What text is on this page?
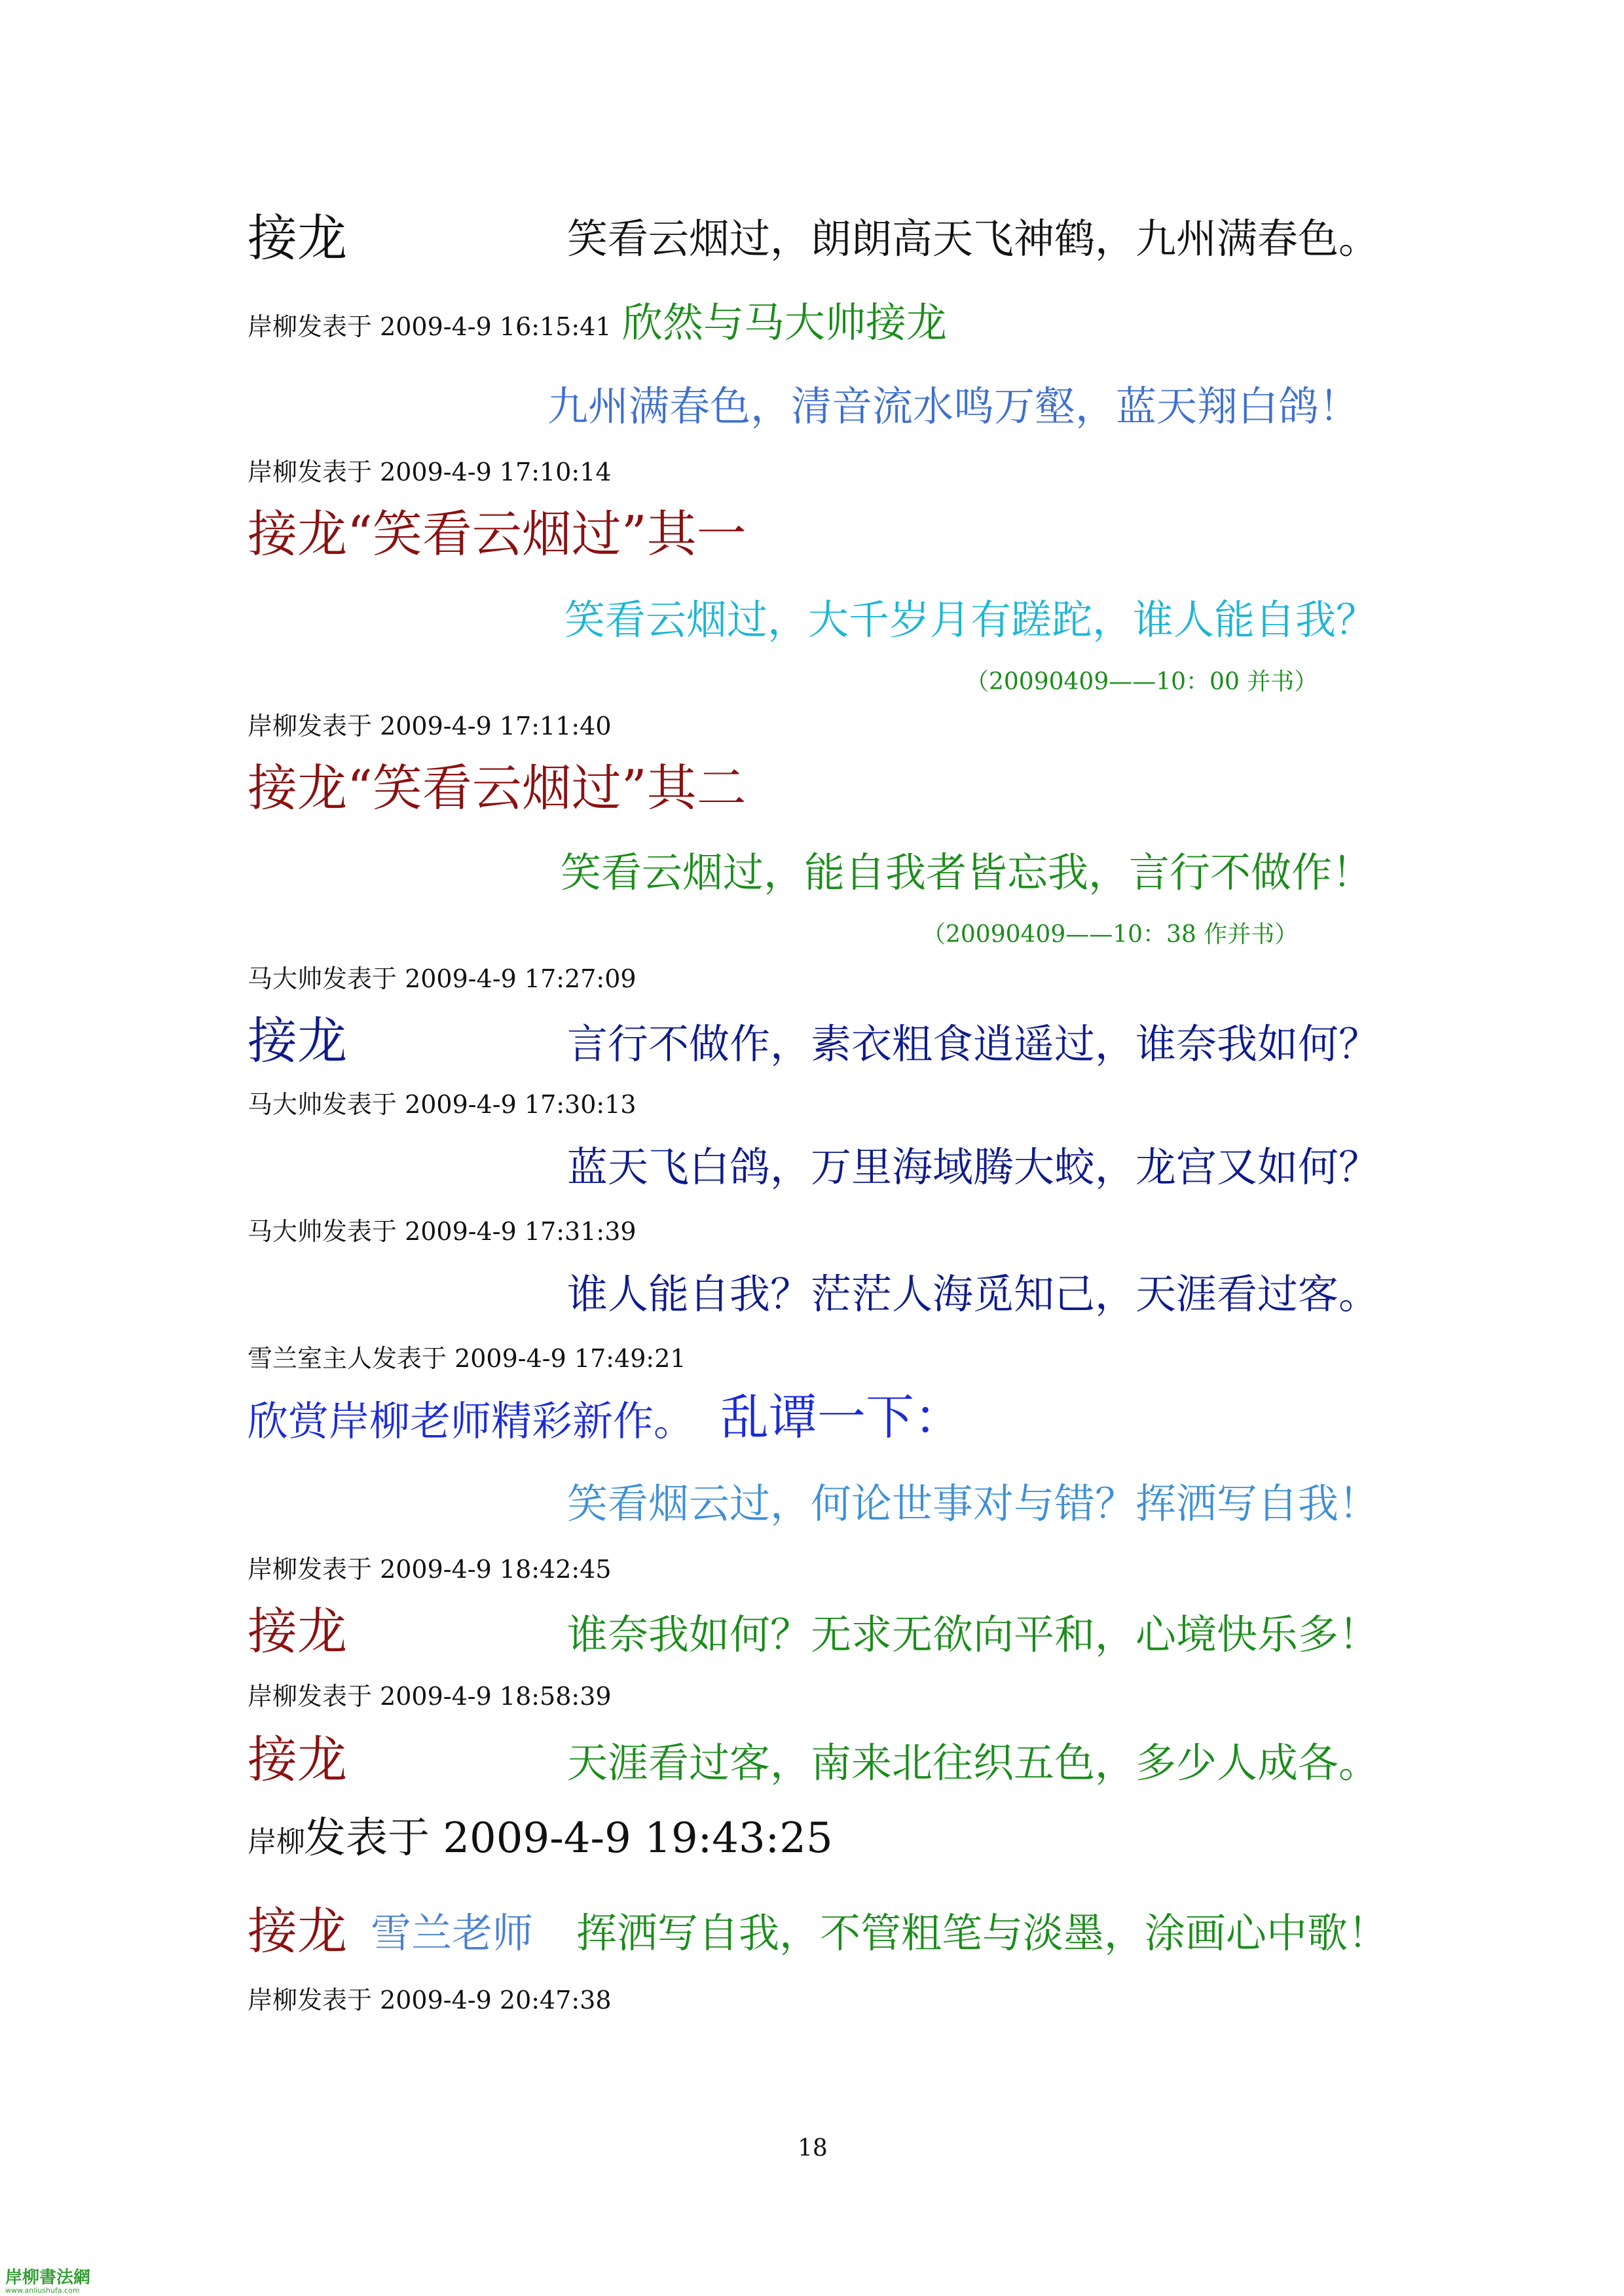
接龙	笑看云烟过，朗朗高天飞神鹤，九州满春色。
岸柳发表于 2009-4-9 16:15:41 欣然与马大帅接龙
九州满春色，清音流水鸣万壑，蓝天翔白鸽！
岸柳发表于 2009-4-9 17:10:14
接龙“笑看云烟过”其一
笑看云烟过，大千岁月有蹉跎，谁人能自我？
（20090409——10：00 并书）
岸柳发表于 2009-4-9 17:11:40
接龙“笑看云烟过”其二
笑看云烟过，能自我者皆忘我，言行不做作！
（20090409——10：38 作并书）
马大帅发表于 2009-4-9 17:27:09
接龙	言行不做作，素衣粗食逍遥过，谁奈我如何？
马大帅发表于 2009-4-9 17:30:13
蓝天飞白鸽，万里海域腾大蛟，龙宫又如何？
马大帅发表于 2009-4-9 17:31:39
谁人能自我？茫茫人海觅知己，天涯看过客。
雪兰室主人发表于 2009-4-9 17:49:21
欣赏岸柳老师精彩新作。 乱谭一下：
笑看烟云过，何论世事对与错？挥洒写自我！
岸柳发表于 2009-4-9 18:42:45
接龙	谁奈我如何？无求无欲向平和，心境快乐多！
岸柳发表于 2009-4-9 18:58:39
接龙	天涯看过客，南来北往织五色，多少人成各。
岸柳
发表于 2009-4-9 19:43:25
接龙 雪兰老师 挥洒写自我，不管粗笔与淡墨，涂画心中歌！
岸柳发表于 2009-4-9 20:47:38
18
岸柳書法網
www.anliushufa.com
